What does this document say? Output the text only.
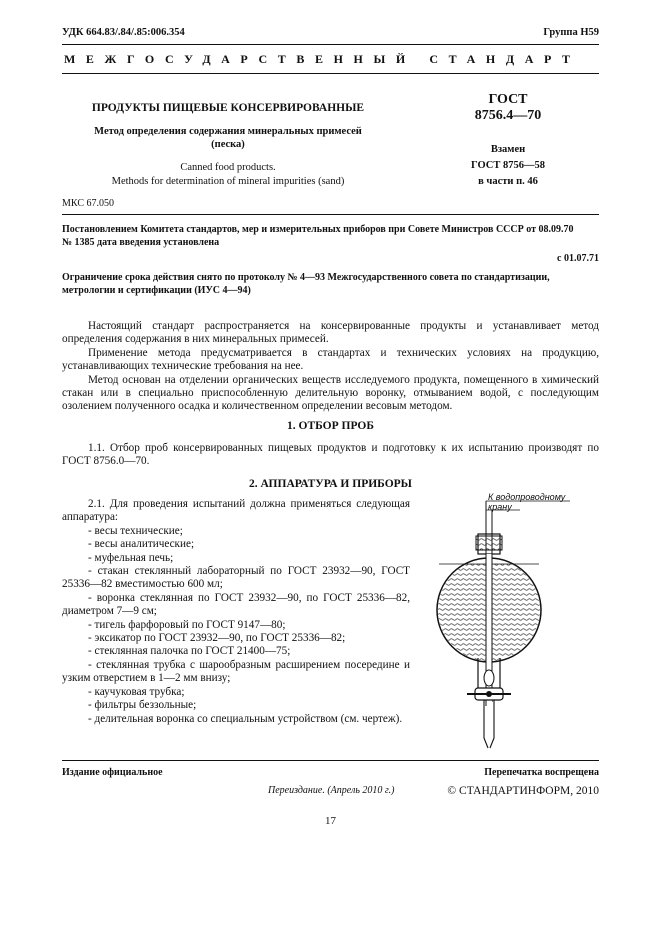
УДК 664.83/.84/.85:006.354	Группа Н59
МЕЖГОСУДАРСТВЕННЫЙ СТАНДАРТ
ПРОДУКТЫ ПИЩЕВЫЕ КОНСЕРВИРОВАННЫЕ
Метод определения содержания минеральных примесей
(песка)
Canned food products.
Methods for determination of mineral impurities (sand)
ГОСТ
8756.4—70
Взамен
ГОСТ 8756—58
в части п. 46
МКС 67.050
Постановлением Комитета стандартов, мер и измерительных приборов при Совете Министров СССР от 08.09.70
№ 1385 дата введения установлена
с 01.07.71
Ограничение срока действия снято по протоколу № 4—93 Межгосударственного совета по стандартизации,
метрологии и сертификации (ИУС 4—94)
Настоящий стандарт распространяется на консервированные продукты и устанавливает метод определения содержания в них минеральных примесей.
Применение метода предусматривается в стандартах и технических условиях на продукцию, устанавливающих технические требования на нее.
Метод основан на отделении органических веществ исследуемого продукта, помещенного в химический стакан или в специально приспособленную делительную воронку, отмыванием водой, с последующим озолением полученного осадка и количественном определении весовым методом.
1. ОТБОР ПРОБ
1.1. Отбор проб консервированных пищевых продуктов и подготовку к их испытанию производят по ГОСТ 8756.0—70.
2. АППАРАТУРА И ПРИБОРЫ
2.1. Для проведения испытаний должна применяться следующая аппаратура:
- весы технические;
- весы аналитические;
- муфельная печь;
- стакан стеклянный лабораторный по ГОСТ 23932—90, ГОСТ 25336—82 вместимостью 600 мл;
- воронка стеклянная по ГОСТ 23932—90, по ГОСТ 25336—82, диаметром 7—9 см;
- тигель фарфоровый по ГОСТ 9147—80;
- эксикатор по ГОСТ 23932—90, по ГОСТ 25336—82;
- стеклянная палочка по ГОСТ 21400—75;
- стеклянная трубка с шарообразным расширением посередине и узким отверстием в 1—2 мм внизу;
- каучуковая трубка;
- фильтры беззольные;
- делительная воронка со специальным устройством (см. чертеж).
К водопроводному
крану
Издание официальное	Перепечатка воспрещена
Переиздание. (Апрель 2010 г.)	© СТАНДАРТИНФОРМ, 2010
17
